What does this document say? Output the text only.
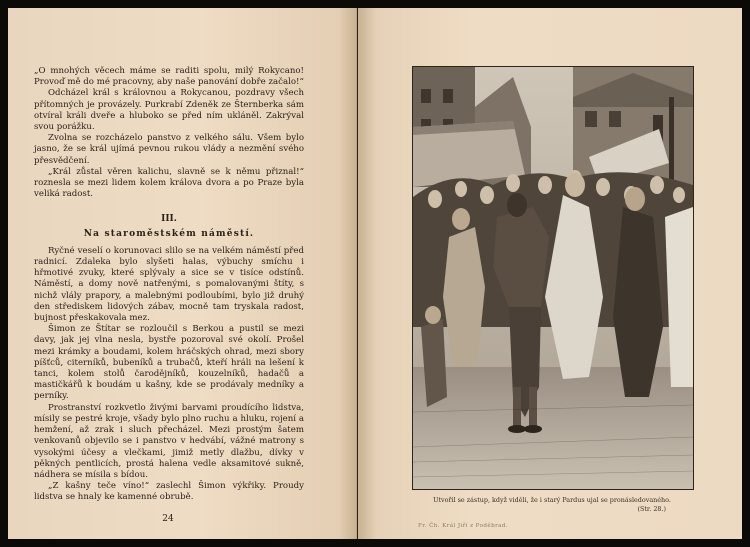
„O mnohých věcech máme se raditi spolu, milý Rokycano! Provoď mě do mé pracovny, aby naše panování dobře začalo!“

Odcházel král s královnou a Rokycanou, pozdravy všech přítomných je provázely. Purkrabí Zdeněk ze Šternberka sám otvíral králi dveře a hluboko se před ním ukláněl. Zakrýval svou porážku.

Zvolna se rozcházelo panstvo z velkého sálu. Všem bylo jasno, že se král ujímá pevnou rukou vlády a nezmění svého přesvědčení.

„Král zůstal věren kalichu, slavně se k němu přiznal!“ roznesla se mezi lidem kolem králova dvora a po Praze byla veliká radost.

III.
Na staroměstském náměstí.

Ryčné veselí o korunovaci slilo se na velkém náměstí před radnicí. Zdaleka bylo slyšeti halas, výbuchy smíchu i hřmotivé zvuky, které splývaly a sice se v tisíce odstínů. Náměstí, a domy nově natřenými, s pomalovanými štíty, s nichž vlály prapory, a malebnými podloubími, bylo již druhý den střediskem lidových zábav, mocně tam tryskala radost, bujnost přeskakovala mez.

Šimon ze Štítar se rozloučil s Berkou a pustil se mezi davy, jak jej vlna nesla, bystře pozoroval své okolí. Prošel mezi krámky a boudami, kolem hráčských ohrad, mezi sbory píšťců, citerníků, bubeníků a trubačů, kteří hráli na lešení k tanci, kolem stolů čarodějníků, kouzelníků, hadačů a mastičkářů k boudám u kašny, kde se prodávaly medníky a perníky.

Prostranství rozkvetlo živými barvami proudícího lidstva, mísily se pestré kroje, všady bylo plno ruchu a hluku, rojení a hemžení, až zrak i sluch přecházel. Mezi prostým šatem venkovanů objevilo se i panstvo v hedvábí, vážné matrony s vysokými účesy a vlečkami, jimiž metly dlažbu, dívky v pěkných pentlicích, prostá halena vedle aksamitové sukně, nádhera se mísila s bídou.

„Z kašny teče víno!“ zaslechl Šimon výkřiky. Proudy lidstva se hnaly ke kamenné obrubě.

24
Utvořil se zástup, když viděli, že i starý Pardus ujal se pronásledovaného.
(Str. 28.)
Fr. Čh. Král Jiří z Poděbrad.
